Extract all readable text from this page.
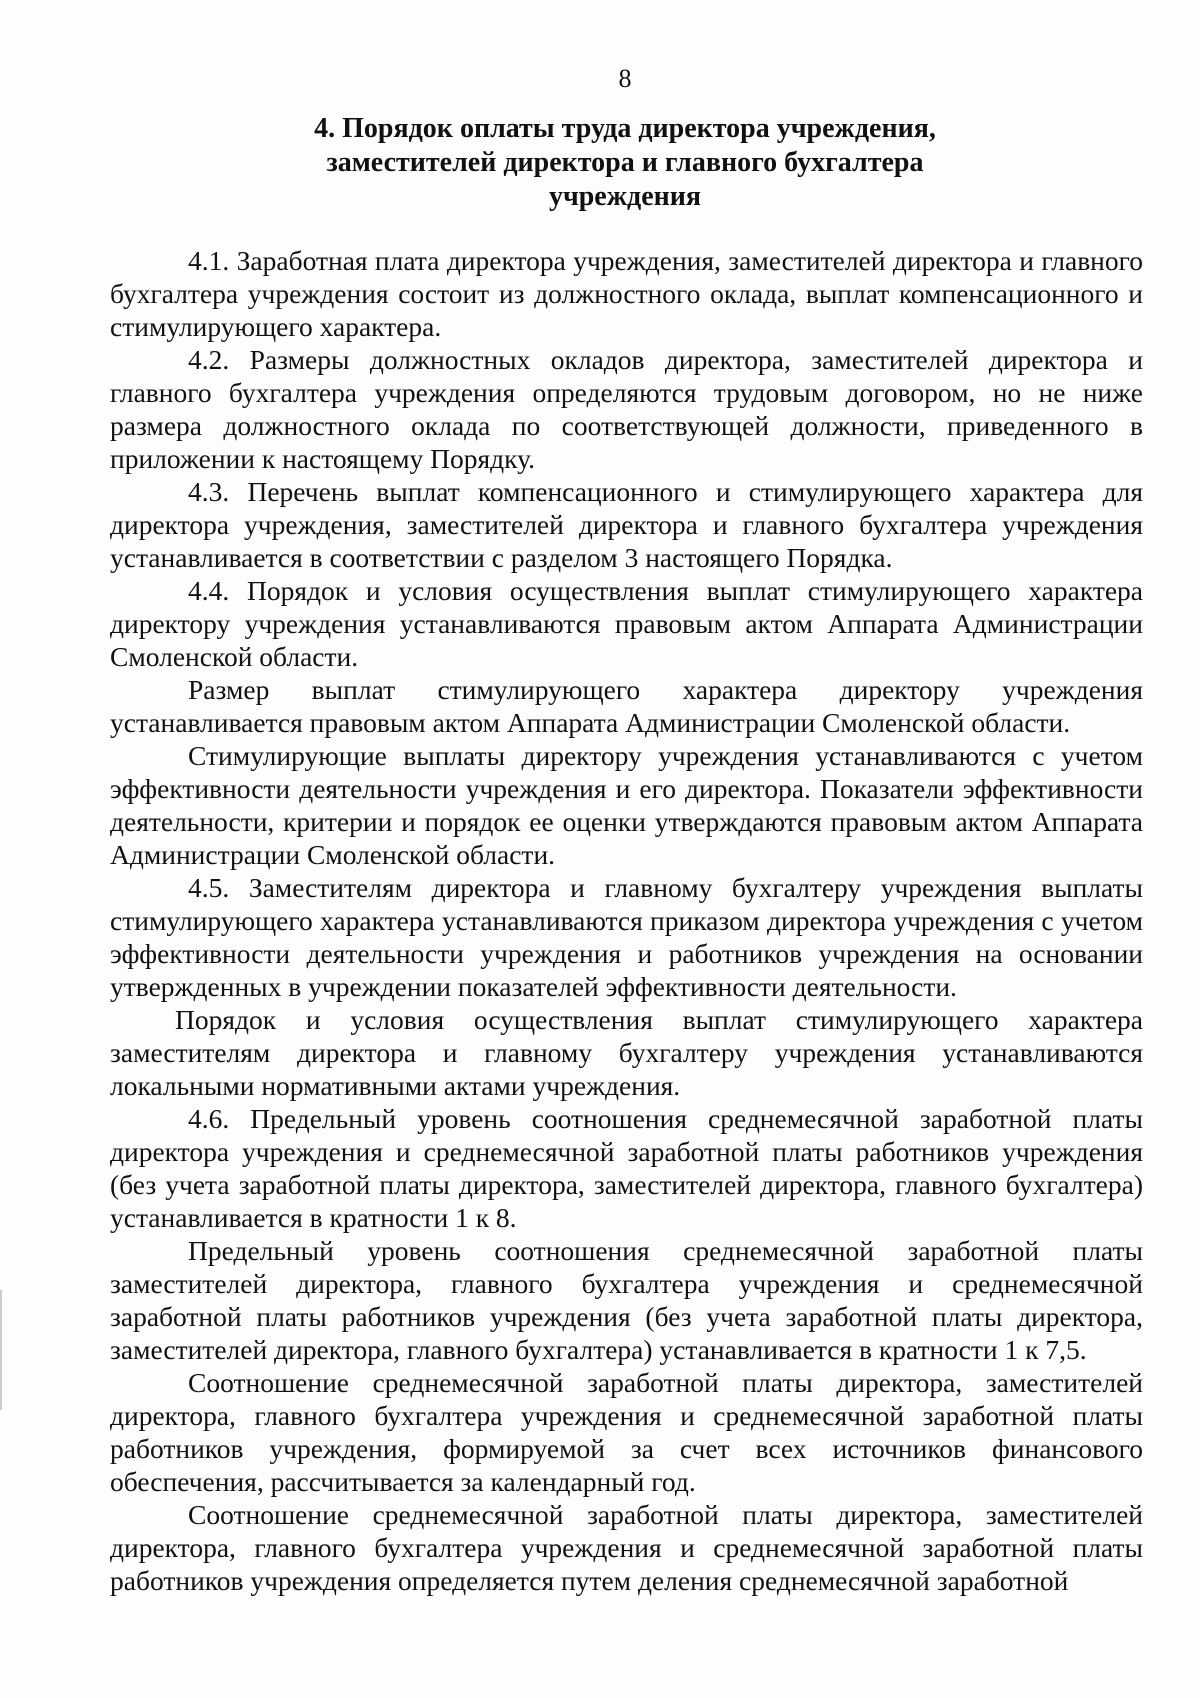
8
4. Порядок оплаты труда директора учреждения,
заместителей директора и главного бухгалтера
учреждения

4.1. Заработная плата директора учреждения, заместителей директора и главного бухгалтера учреждения состоит из должностного оклада, выплат компенсационного и стимулирующего характера.

4.2. Размеры должностных окладов директора, заместителей директора и главного бухгалтера учреждения определяются трудовым договором, но не ниже размера должностного оклада по соответствующей должности, приведенного в приложении к настоящему Порядку.

4.3. Перечень выплат компенсационного и стимулирующего характера для директора учреждения, заместителей директора и главного бухгалтера учреждения устанавливается в соответствии с разделом 3 настоящего Порядка.

4.4. Порядок и условия осуществления выплат стимулирующего характера директору учреждения устанавливаются правовым актом Аппарата Администрации Смоленской области.

Размер выплат стимулирующего характера директору учреждения устанавливается правовым актом Аппарата Администрации Смоленской области.

Стимулирующие выплаты директору учреждения устанавливаются с учетом эффективности деятельности учреждения и его директора. Показатели эффективности деятельности, критерии и порядок ее оценки утверждаются правовым актом Аппарата Администрации Смоленской области.

4.5. Заместителям директора и главному бухгалтеру учреждения выплаты стимулирующего характера устанавливаются приказом директора учреждения с учетом эффективности деятельности учреждения и работников учреждения на основании утвержденных в учреждении показателей эффективности деятельности.

Порядок и условия осуществления выплат стимулирующего характера заместителям директора и главному бухгалтеру учреждения устанавливаются локальными нормативными актами учреждения.

4.6. Предельный уровень соотношения среднемесячной заработной платы директора учреждения и среднемесячной заработной платы работников учреждения (без учета заработной платы директора, заместителей директора, главного бухгалтера) устанавливается в кратности 1 к 8.

Предельный уровень соотношения среднемесячной заработной платы заместителей директора, главного бухгалтера учреждения и среднемесячной заработной платы работников учреждения (без учета заработной платы директора, заместителей директора, главного бухгалтера) устанавливается в кратности 1 к 7,5.

Соотношение среднемесячной заработной платы директора, заместителей директора, главного бухгалтера учреждения и среднемесячной заработной платы работников учреждения, формируемой за счет всех источников финансового обеспечения, рассчитывается за календарный год.

Соотношение среднемесячной заработной платы директора, заместителей директора, главного бухгалтера учреждения и среднемесячной заработной платы работников учреждения определяется путем деления среднемесячной заработной
